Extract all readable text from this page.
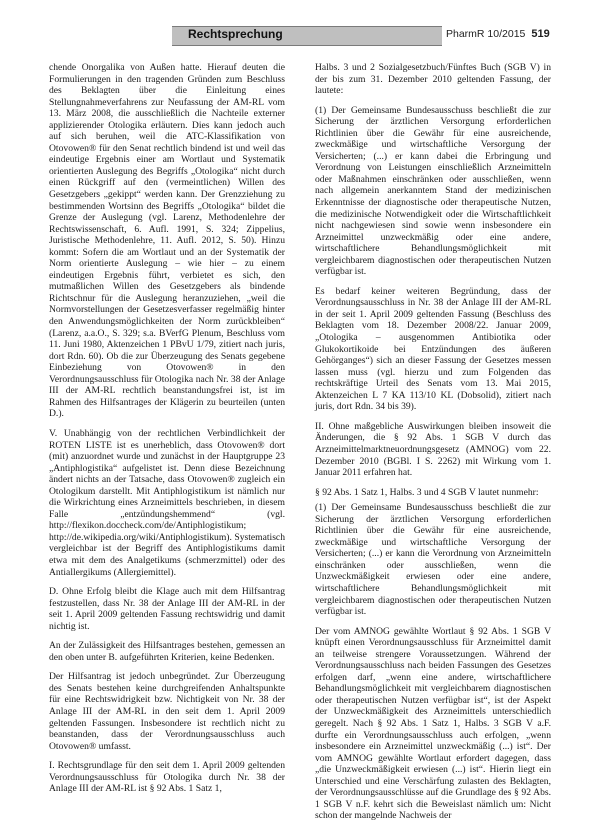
Rechtsprechung	PharmR 10/2015 519

chende Onorgalika von Außen hatte. Hierauf deuten die Formulierungen in den tragenden Gründen zum Beschluss des Beklagten über die Einleitung eines Stellungnahmeverfahrens zur Neufassung der AM-RL vom 13. März 2008, die ausschließlich die Nachteile externer applizierender Otologika erläutern. Dies kann jedoch auch auf sich beruhen, weil die ATC-Klassifikation von Otovowen® für den Senat rechtlich bindend ist und weil das eindeutige Ergebnis einer am Wortlaut und Systematik orientierten Auslegung des Begriffs „Otologika“ nicht durch einen Rückgriff auf den (vermeintlichen) Willen des Gesetzgebers „gekippt“ werden kann. Der Grenzziehung zu bestimmenden Wortsinn des Begriffs „Otologika“ bildet die Grenze der Auslegung (vgl. Larenz, Methodenlehre der Rechtswissenschaft, 6. Aufl. 1991, S. 324; Zippelius, Juristische Methodenlehre, 11. Aufl. 2012, S. 50). Hinzu kommt: Sofern die am Wortlaut und an der Systematik der Norm orientierte Auslegung – wie hier – zu einem eindeutigen Ergebnis führt, verbietet es sich, den mutmaßlichen Willen des Gesetzgebers als bindende Richtschnur für die Auslegung heranzuziehen, „weil die Normvorstellungen der Gesetzesverfasser regelmäßig hinter den Anwendungsmöglichkeiten der Norm zurückbleiben“ (Larenz, a.a.O., S. 329; s.a. BVerfG Plenum, Beschluss vom 11. Juni 1980, Aktenzeichen 1 PBvU 1/79, zitiert nach juris, dort Rdn. 60). Ob die zur Überzeugung des Senats gegebene Einbeziehung von Otovowen® in den Verordnungsausschluss für Otologika nach Nr. 38 der Anlage III der AM-RL rechtlich beanstandungsfrei ist, ist im Rahmen des Hilfsantrages der Klägerin zu beurteilen (unten D.).

V. Unabhängig von der rechtlichen Verbindlichkeit der ROTEN LISTE ist es unerheblich, dass Otovowen® dort (mit) anzuordnet wurde und zunächst in der Hauptgruppe 23 „Antiphlogistika“ aufgelistet ist. Denn diese Bezeichnung ändert nichts an der Tatsache, dass Otovowen® zugleich ein Otologikum darstellt. Mit Antiphlogistikum ist nämlich nur die Wirkrichtung eines Arzneimittels beschrieben, in diesem Falle „entzündungshemmend“ (vgl. http://flexikon.doccheck.com/de/Antiphlogistikum; http://de.wikipedia.org/wiki/Antiphlogistikum). Systematisch vergleichbar ist der Begriff des Antiphlogistikums damit etwa mit dem des Analgetikums (schmerzmittel) oder des Antiallergikums (Allergiemittel).

D. Ohne Erfolg bleibt die Klage auch mit dem Hilfsantrag festzustellen, dass Nr. 38 der Anlage III der AM-RL in der seit 1. April 2009 geltenden Fassung rechtswidrig und damit nichtig ist.

An der Zulässigkeit des Hilfsantrages bestehen, gemessen an den oben unter B. aufgeführten Kriterien, keine Bedenken.

Der Hilfsantrag ist jedoch unbegründet. Zur Überzeugung des Senats bestehen keine durchgreifenden Anhaltspunkte für eine Rechtswidrigkeit bzw. Nichtigkeit von Nr. 38 der Anlage III der AM-RL in den seit dem 1. April 2009 geltenden Fassungen. Insbesondere ist rechtlich nicht zu beanstanden, dass der Verordnungsausschluss auch Otovowen® umfasst.

I. Rechtsgrundlage für den seit dem 1. April 2009 geltenden Verordnungsausschluss für Otologika durch Nr. 38 der Anlage III der AM-RL ist § 92 Abs. 1 Satz 1,

Halbs. 3 und 2 Sozialgesetzbuch/Fünftes Buch (SGB V) in der bis zum 31. Dezember 2010 geltenden Fassung, der lautete:

(1) Der Gemeinsame Bundesausschuss beschließt die zur Sicherung der ärztlichen Versorgung erforderlichen Richtlinien über die Gewähr für eine ausreichende, zweckmäßige und wirtschaftliche Versorgung der Versicherten; (...) er kann dabei die Erbringung und Verordnung von Leistungen einschließlich Arzneimitteln oder Maßnahmen einschränken oder ausschließen, wenn nach allgemein anerkanntem Stand der medizinischen Erkenntnisse der diagnostische oder therapeutische Nutzen, die medizinische Notwendigkeit oder die Wirtschaftlichkeit nicht nachgewiesen sind sowie wenn insbesondere ein Arzneimittel unzweckmäßig oder eine andere, wirtschaftlichere Behandlungsmöglichkeit mit vergleichbarem diagnostischen oder therapeutischen Nutzen verfügbar ist.

Es bedarf keiner weiteren Begründung, dass der Verordnungsausschluss in Nr. 38 der Anlage III der AM-RL in der seit 1. April 2009 geltenden Fassung (Beschluss des Beklagten vom 18. Dezember 2008/22. Januar 2009, „Otologika – ausgenommen Antibiotika oder Glukokortikoide bei Entzündungen des äußeren Gehörganges“) sich an dieser Fassung der Gesetzes messen lassen muss (vgl. hierzu und zum Folgenden das rechtskräftige Urteil des Senats vom 13. Mai 2015, Aktenzeichen L 7 KA 113/10 KL (Dobsolid), zitiert nach juris, dort Rdn. 34 bis 39).

II. Ohne maßgebliche Auswirkungen bleiben insoweit die Änderungen, die § 92 Abs. 1 SGB V durch das Arzneimittelmarktneuordnungsgesetz (AMNOG) vom 22. Dezember 2010 (BGBl. I S. 2262) mit Wirkung vom 1. Januar 2011 erfahren hat.

§ 92 Abs. 1 Satz 1, Halbs. 3 und 4 SGB V lautet nunmehr:

(1) Der Gemeinsame Bundesausschuss beschließt die zur Sicherung der ärztlichen Versorgung erforderlichen Richtlinien über die Gewähr für eine ausreichende, zweckmäßige und wirtschaftliche Versorgung der Versicherten; (...) er kann die Verordnung von Arzneimitteln einschränken oder ausschließen, wenn die Unzweckmäßigkeit erwiesen oder eine andere, wirtschaftlichere Behandlungsmöglichkeit mit vergleichbarem diagnostischen oder therapeutischen Nutzen verfügbar ist.

Der vom AMNOG gewählte Wortlaut § 92 Abs. 1 SGB V knüpft einen Verordnungsausschluss für Arzneimittel damit an teilweise strengere Voraussetzungen. Während der Verordnungsausschluss nach beiden Fassungen des Gesetzes erfolgen darf, „wenn eine andere, wirtschaftlichere Behandlungsmöglichkeit mit vergleichbarem diagnostischen oder therapeutischen Nutzen verfügbar ist“, ist der Aspekt der Unzweckmäßigkeit des Arzneimittels unterschiedlich geregelt. Nach § 92 Abs. 1 Satz 1, Halbs. 3 SGB V a.F. durfte ein Verordnungsausschluss auch erfolgen, „wenn insbesondere ein Arzneimittel unzweckmäßig (...) ist“. Der vom AMNOG gewählte Wortlaut erfordert dagegen, dass „die Unzweckmäßigkeit erwiesen (...) ist“. Hierin liegt ein Unterschied und eine Verschärfung zulasten des Beklagten, der Verordnungsausschlüsse auf die Grundlage des § 92 Abs. 1 SGB V n.F. kehrt sich die Beweislast nämlich um: Nicht schon der mangelnde Nachweis der
